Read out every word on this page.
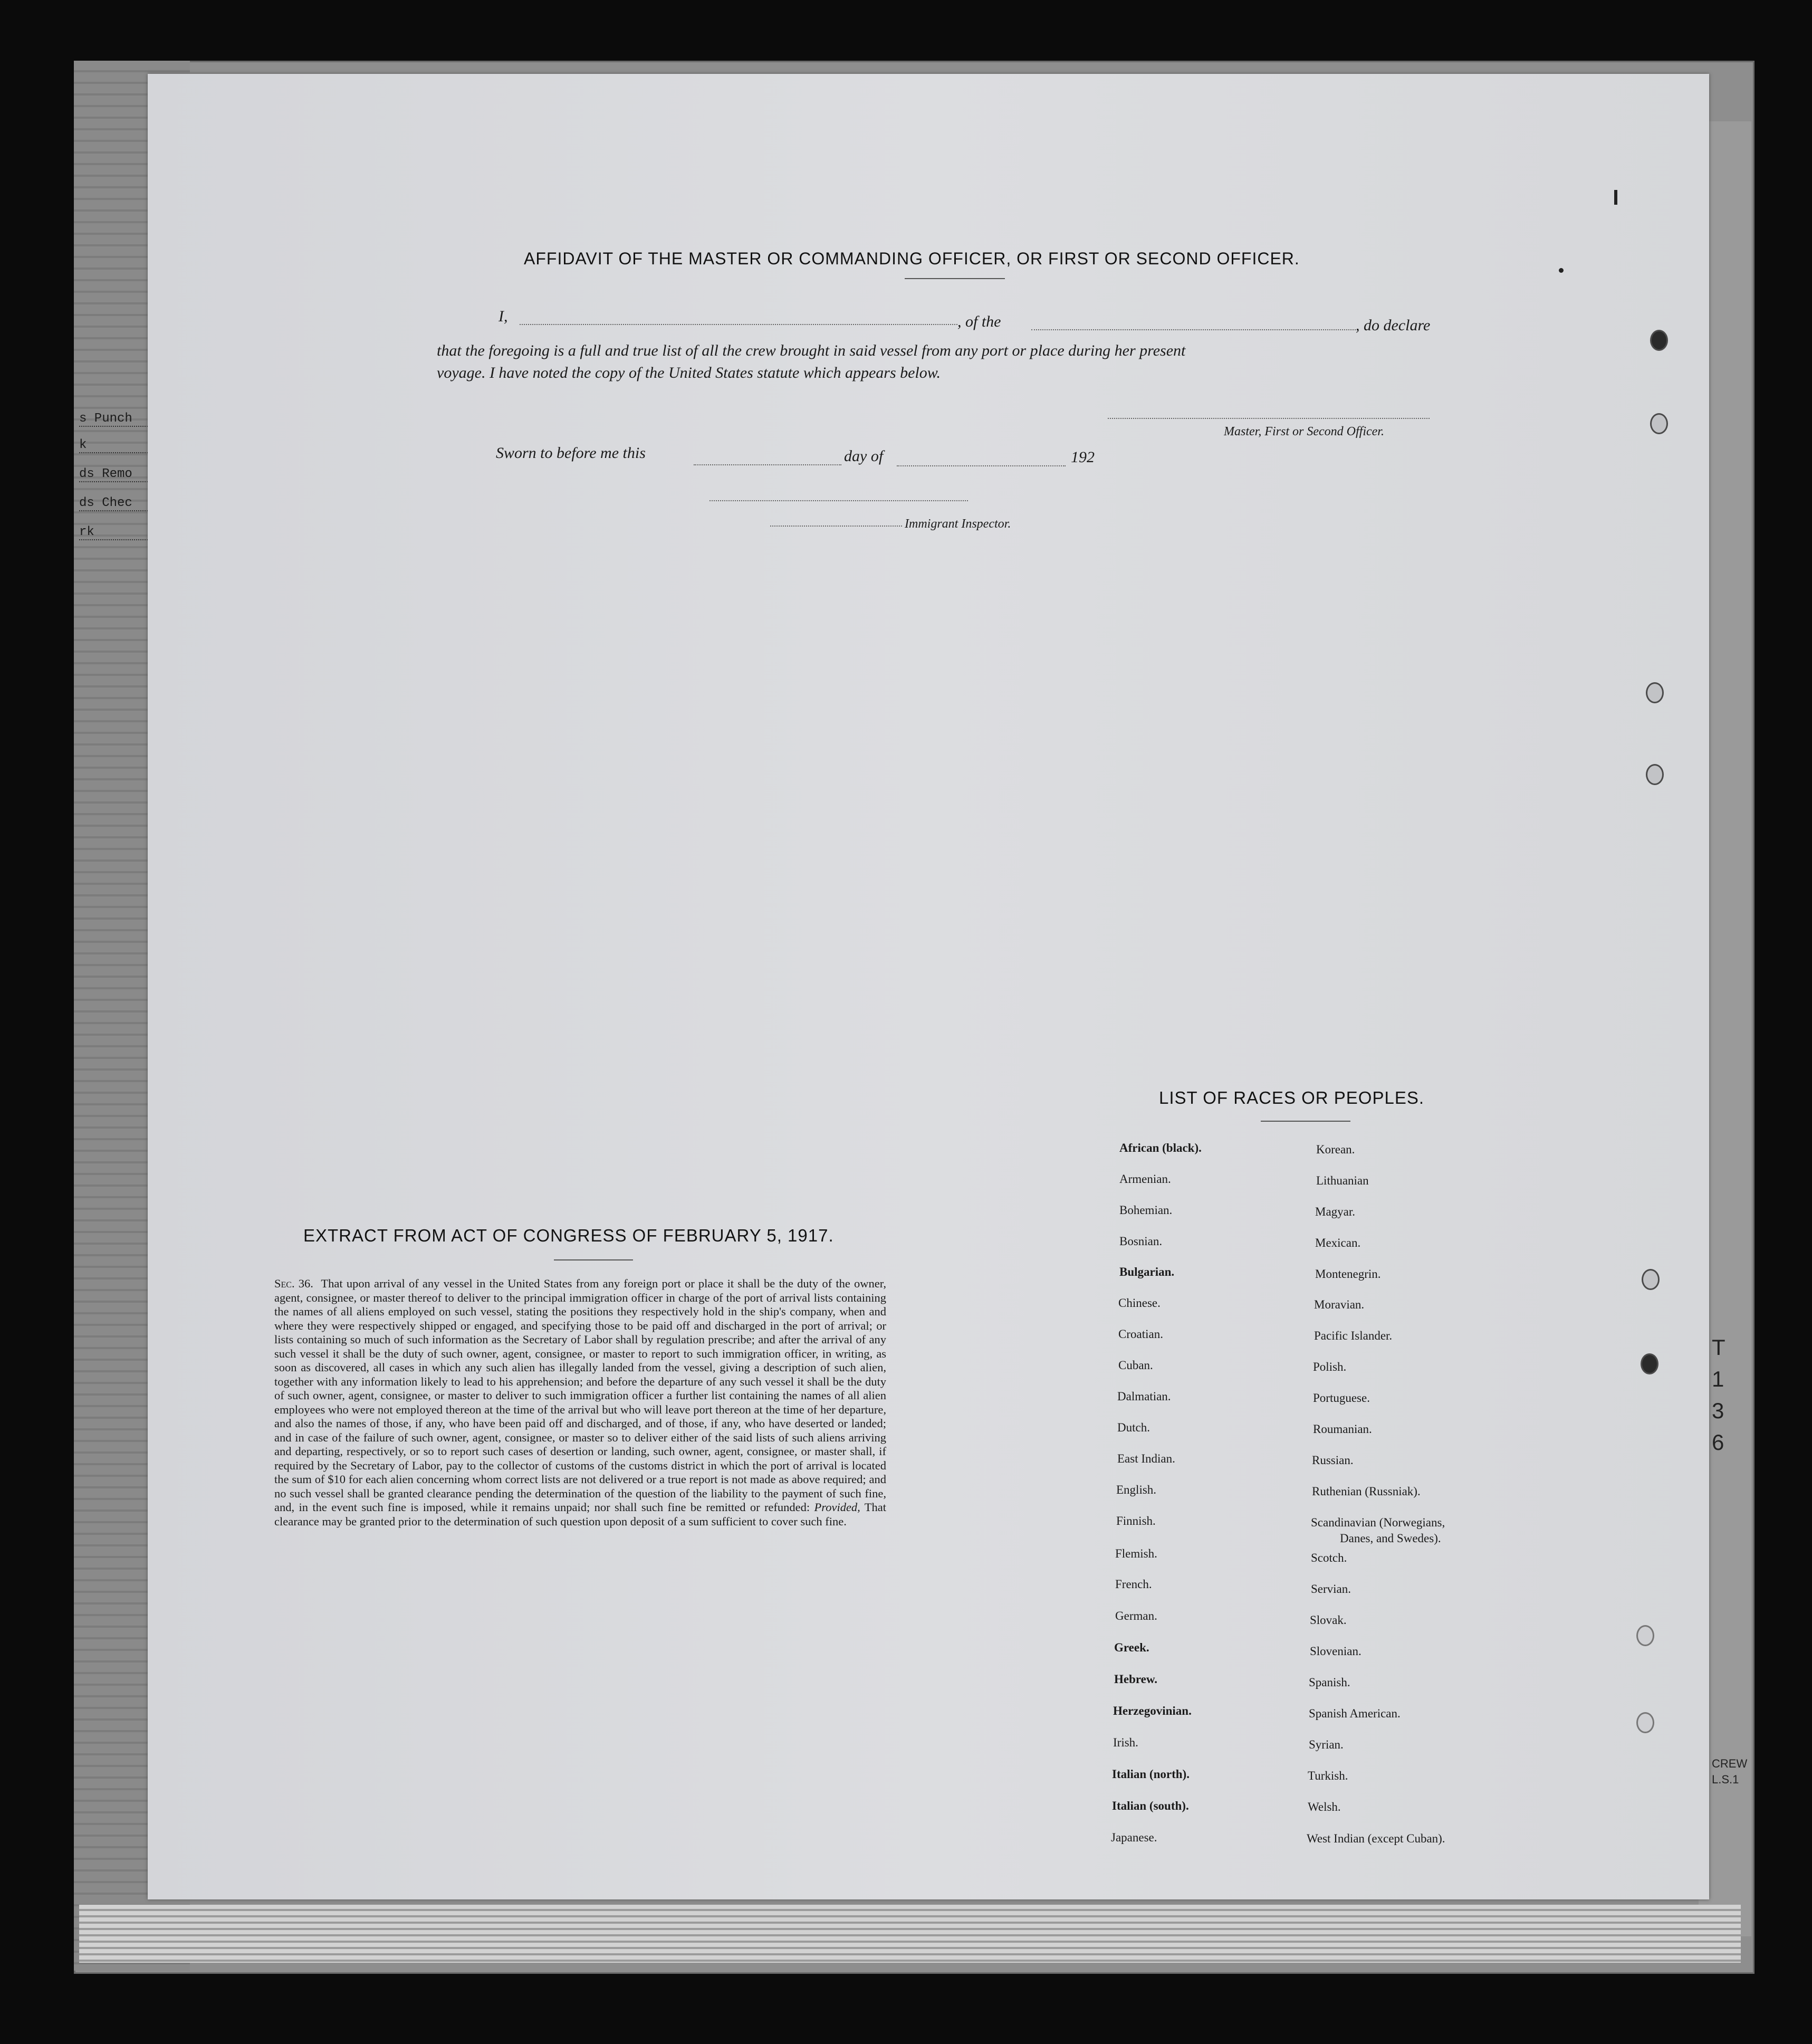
s Punch
k
ds Remo
ds Chec
rk
T
1
3
6
CREW
L.S.1
AFFIDAVIT OF THE MASTER OR COMMANDING OFFICER, OR FIRST OR SECOND OFFICER.
I,	, of the	, do declare
that the foregoing is a full and true list of all the crew brought in said vessel from any port or place during her present
voyage. I have noted the copy of the United States statute which appears below.
Master, First or Second Officer.
Sworn to before me this	day of	192
Immigrant Inspector.
EXTRACT FROM ACT OF CONGRESS OF FEBRUARY 5, 1917.
Sec. 36. That upon arrival of any vessel in the United States from any foreign port or place it shall be the duty of the owner, agent, consignee, or master thereof to deliver to the principal immigration officer in charge of the port of arrival lists containing the names of all aliens employed on such vessel, stating the positions they respectively hold in the ship's company, when and where they were respectively shipped or engaged, and specifying those to be paid off and discharged in the port of arrival; or lists containing so much of such information as the Secretary of Labor shall by regulation prescribe; and after the arrival of any such vessel it shall be the duty of such owner, agent, consignee, or master to report to such immigration officer, in writing, as soon as discovered, all cases in which any such alien has illegally landed from the vessel, giving a description of such alien, together with any information likely to lead to his apprehension; and before the departure of any such vessel it shall be the duty of such owner, agent, consignee, or master to deliver to such immigration officer a further list containing the names of all alien employees who were not employed thereon at the time of the arrival but who will leave port thereon at the time of her departure, and also the names of those, if any, who have been paid off and discharged, and of those, if any, who have deserted or landed; and in case of the failure of such owner, agent, consignee, or master so to deliver either of the said lists of such aliens arriving and departing, respectively, or so to report such cases of desertion or landing, such owner, agent, consignee, or master shall, if required by the Secretary of Labor, pay to the collector of customs of the customs district in which the port of arrival is located the sum of $10 for each alien concerning whom correct lists are not delivered or a true report is not made as above required; and no such vessel shall be granted clearance pending the determination of the question of the liability to the payment of such fine, and, in the event such fine is imposed, while it remains unpaid; nor shall such fine be remitted or refunded: Provided, That clearance may be granted prior to the determination of such question upon deposit of a sum sufficient to cover such fine.
LIST OF RACES OR PEOPLES.
African (black).
Armenian.
Bohemian.
Bosnian.
Bulgarian.
Chinese.
Croatian.
Cuban.
Dalmatian.
Dutch.
East Indian.
English.
Finnish.
Flemish.
French.
German.
Greek.
Hebrew.
Herzegovinian.
Irish.
Italian (north).
Italian (south).
Japanese.
Korean.
Lithuanian
Magyar.
Mexican.
Montenegrin.
Moravian.
Pacific Islander.
Polish.
Portuguese.
Roumanian.
Russian.
Ruthenian (Russniak).
Scandinavian (Norwegians,
Danes, and Swedes).
Scotch.
Servian.
Slovak.
Slovenian.
Spanish.
Spanish American.
Syrian.
Turkish.
Welsh.
West Indian (except Cuban).
